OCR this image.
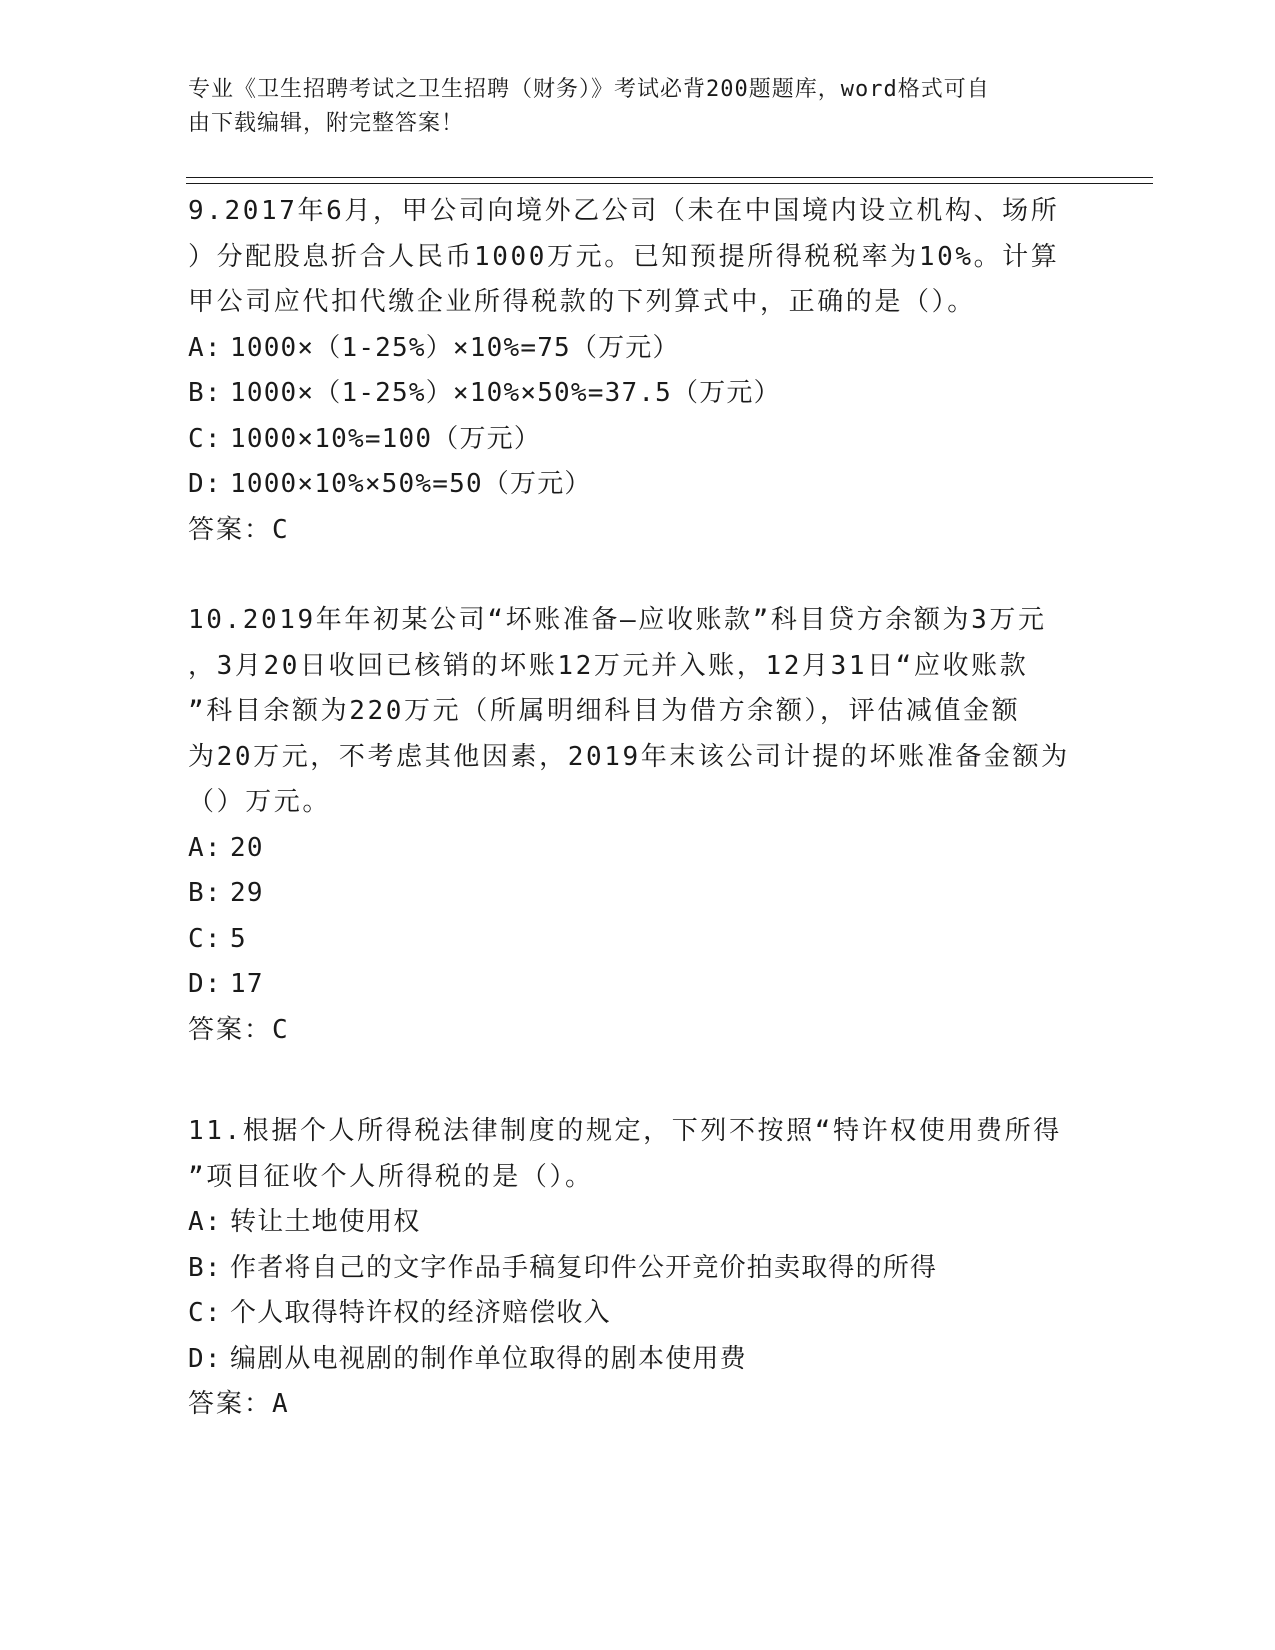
专业《卫生招聘考试之卫生招聘（财务）》考试必背200题题库，word格式可自
由下载编辑，附完整答案！

9.2017年6月，甲公司向境外乙公司（未在中国境内设立机构、场所

）分配股息折合人民币1000万元。已知预提所得税税率为10%。计算

甲公司应代扣代缴企业所得税款的下列算式中，正确的是（）。

A: 1000×（1-25%）×10%=75（万元）

B: 1000×（1-25%）×10%×50%=37.5（万元）

C: 1000×10%=100（万元）

D: 1000×10%×50%=50（万元）

答案：C

10.2019年年初某公司“坏账准备—应收账款”科目贷方余额为3万元

，3月20日收回已核销的坏账12万元并入账，12月31日“应收账款

”科目余额为220万元（所属明细科目为借方余额），评估减值金额

为20万元，不考虑其他因素，2019年末该公司计提的坏账准备金额为

（）万元。

A: 20

B: 29

C: 5

D: 17

答案：C

11.根据个人所得税法律制度的规定，下列不按照“特许权使用费所得

”项目征收个人所得税的是（）。

A: 转让土地使用权

B: 作者将自己的文字作品手稿复印件公开竞价拍卖取得的所得

C: 个人取得特许权的经济赔偿收入

D: 编剧从电视剧的制作单位取得的剧本使用费

答案：A
